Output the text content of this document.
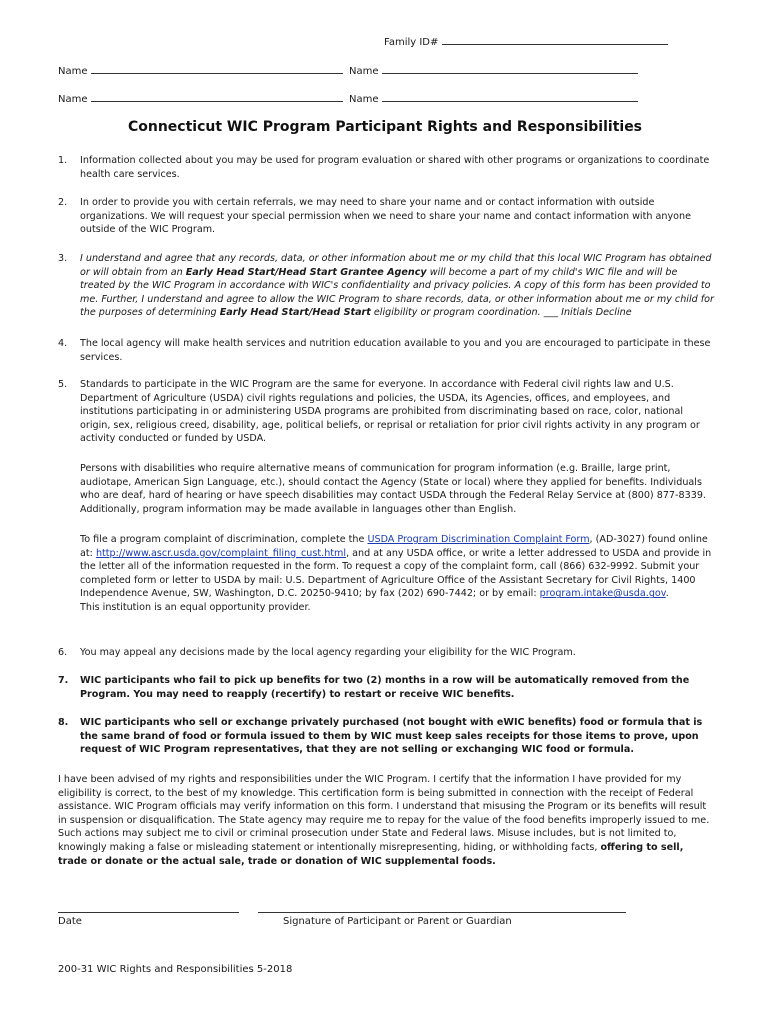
Family ID#
Name	Name
Name	Name
Connecticut WIC Program Participant Rights and Responsibilities
1.	Information collected about you may be used for program evaluation or shared with other programs or organizations to coordinate health care services.
2.	In order to provide you with certain referrals, we may need to share your name and or contact information with outside organizations. We will request your special permission when we need to share your name and contact information with anyone outside of the WIC Program.
3.	I understand and agree that any records, data, or other information about me or my child that this local WIC Program has obtained or will obtain from an Early Head Start/Head Start Grantee Agency will become a part of my child's WIC file and will be treated by the WIC Program in accordance with WIC's confidentiality and privacy policies. A copy of this form has been provided to me. Further, I understand and agree to allow the WIC Program to share records, data, or other information about me or my child for the purposes of determining Early Head Start/Head Start eligibility or program coordination. ___ Initials Decline
4.	The local agency will make health services and nutrition education available to you and you are encouraged to participate in these services.
5.	Standards to participate in the WIC Program are the same for everyone. In accordance with Federal civil rights law and U.S. Department of Agriculture (USDA) civil rights regulations and policies, the USDA, its Agencies, offices, and employees, and institutions participating in or administering USDA programs are prohibited from discriminating based on race, color, national origin, sex, religious creed, disability, age, political beliefs, or reprisal or retaliation for prior civil rights activity in any program or activity conducted or funded by USDA.
Persons with disabilities who require alternative means of communication for program information (e.g. Braille, large print, audiotape, American Sign Language, etc.), should contact the Agency (State or local) where they applied for benefits. Individuals who are deaf, hard of hearing or have speech disabilities may contact USDA through the Federal Relay Service at (800) 877-8339. Additionally, program information may be made available in languages other than English.
To file a program complaint of discrimination, complete the USDA Program Discrimination Complaint Form, (AD-3027) found online at: http://www.ascr.usda.gov/complaint_filing_cust.html, and at any USDA office, or write a letter addressed to USDA and provide in the letter all of the information requested in the form. To request a copy of the complaint form, call (866) 632-9992. Submit your completed form or letter to USDA by mail: U.S. Department of Agriculture Office of the Assistant Secretary for Civil Rights, 1400 Independence Avenue, SW, Washington, D.C. 20250-9410; by fax (202) 690-7442; or by email: program.intake@usda.gov.
This institution is an equal opportunity provider.
6.	You may appeal any decisions made by the local agency regarding your eligibility for the WIC Program.
7.	WIC participants who fail to pick up benefits for two (2) months in a row will be automatically removed from the Program. You may need to reapply (recertify) to restart or receive WIC benefits.
8.	WIC participants who sell or exchange privately purchased (not bought with eWIC benefits) food or formula that is the same brand of food or formula issued to them by WIC must keep sales receipts for those items to prove, upon request of WIC Program representatives, that they are not selling or exchanging WIC food or formula.
I have been advised of my rights and responsibilities under the WIC Program. I certify that the information I have provided for my eligibility is correct, to the best of my knowledge. This certification form is being submitted in connection with the receipt of Federal assistance. WIC Program officials may verify information on this form. I understand that misusing the Program or its benefits will result in suspension or disqualification. The State agency may require me to repay for the value of the food benefits improperly issued to me. Such actions may subject me to civil or criminal prosecution under State and Federal laws. Misuse includes, but is not limited to, knowingly making a false or misleading statement or intentionally misrepresenting, hiding, or withholding facts, offering to sell, trade or donate or the actual sale, trade or donation of WIC supplemental foods.
Date	Signature of Participant or Parent or Guardian
200-31 WIC Rights and Responsibilities 5-2018
